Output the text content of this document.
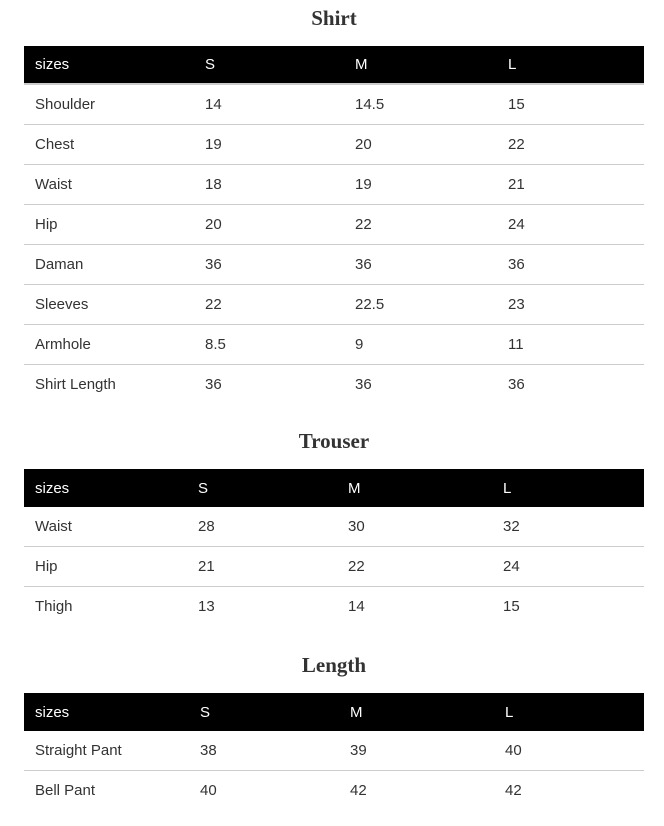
Shirt
sizes	S	M	L
Shoulder	14	14.5	15
Chest	19	20	22
Waist	18	19	21
Hip	20	22	24
Daman	36	36	36
Sleeves	22	22.5	23
Armhole	8.5	9	11
Shirt Length	36	36	36
Trouser
sizes	S	M	L
Waist	28	30	32
Hip	21	22	24
Thigh	13	14	15
Length
sizes	S	M	L
Straight Pant	38	39	40
Bell Pant	40	42	42
